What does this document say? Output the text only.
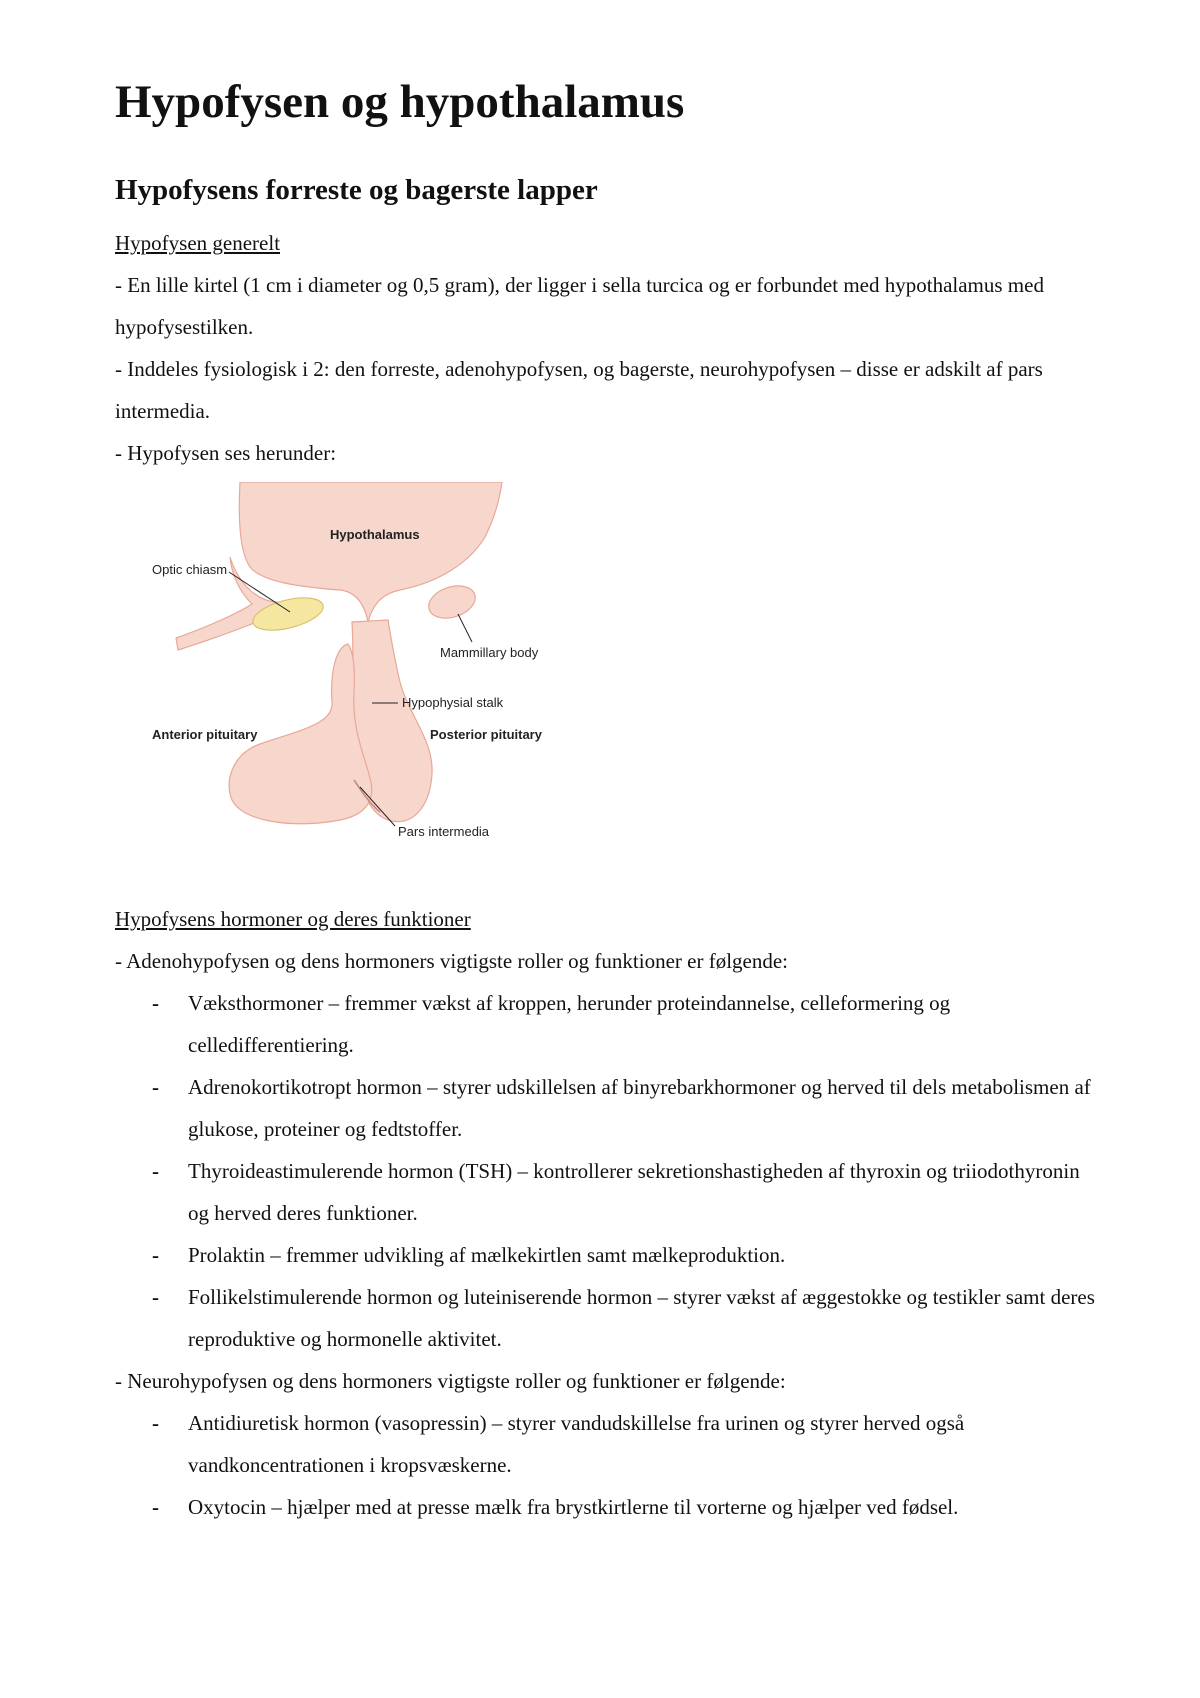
Hypofysen og hypothalamus
Hypofysens forreste og bagerste lapper

Hypofysen generelt

- En lille kirtel (1 cm i diameter og 0,5 gram), der ligger i sella turcica og er forbundet med hypothalamus med hypofysestilken.

- Inddeles fysiologisk i 2: den forreste, adenohypofysen, og bagerste, neurohypofysen – disse er adskilt af pars intermedia.

- Hypofysen ses herunder:

Hypothalamus
Optic chiasm
Mammillary body
Hypophysial stalk
Anterior pituitary	Posterior pituitary
Pars intermedia

Hypofysens hormoner og deres funktioner

- Adenohypofysen og dens hormoners vigtigste roller og funktioner er følgende:

- Væksthormoner – fremmer vækst af kroppen, herunder proteindannelse, celleformering og celledifferentiering.
- Adrenokortikotropt hormon – styrer udskillelsen af binyrebarkhormoner og herved til dels metabolismen af glukose, proteiner og fedtstoffer.
- Thyroideastimulerende hormon (TSH) – kontrollerer sekretionshastigheden af thyroxin og triiodothyronin og herved deres funktioner.
- Prolaktin – fremmer udvikling af mælkekirtlen samt mælkeproduktion.
- Follikelstimulerende hormon og luteiniserende hormon – styrer vækst af æggestokke og testikler samt deres reproduktive og hormonelle aktivitet.

- Neurohypofysen og dens hormoners vigtigste roller og funktioner er følgende:

- Antidiuretisk hormon (vasopressin) – styrer vandudskillelse fra urinen og styrer herved også vandkoncentrationen i kropsvæskerne.
- Oxytocin – hjælper med at presse mælk fra brystkirtlerne til vorterne og hjælper ved fødsel.
